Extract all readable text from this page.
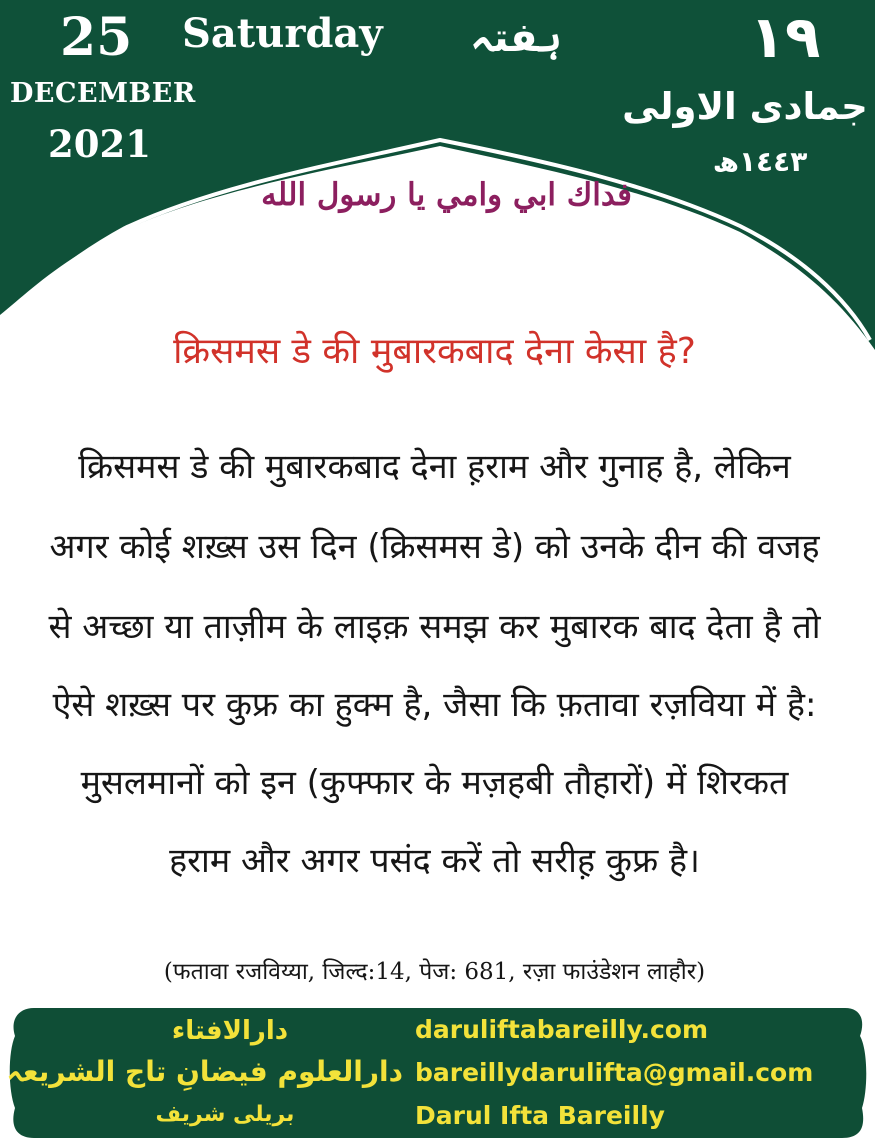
25 Saturday ہفتہ
DECEMBER
2021
١٩
جمادی الاولی
١٤٤٣ھ
فداك ابي وامي يا رسول الله
क्रिसमस डे की मुबारकबाद देना केसा है?
क्रिसमस डे की मुबारकबाद देना ह़राम और गुनाह है, लेकिन
अगर कोई शख़्स उस दिन (क्रिसमस डे) को उनके दीन की वजह
से अच्छा या ताज़ीम के लाइक़ समझ कर मुबारक बाद देता है तो
ऐसे शख़्स पर कुफ्र का हुक्म है, जैसा कि फ़तावा रज़विया में है:
मुसलमानों को इन (कुफ्फार के मज़हबी तौहारों) में शिरकत
हराम और अगर पसंद करें तो सरीह़ कुफ्र है।
(फतावा रजविय्या, जिल्द:14, पेज: 681, रज़ा फाउंडेशन लाहौर)
دارالافتاء
دارالعلوم فیضانِ تاج الشریعہ
بریلی شریف
daruliftabareilly.com
bareillydarulifta@gmail.com
Darul Ifta Bareilly
